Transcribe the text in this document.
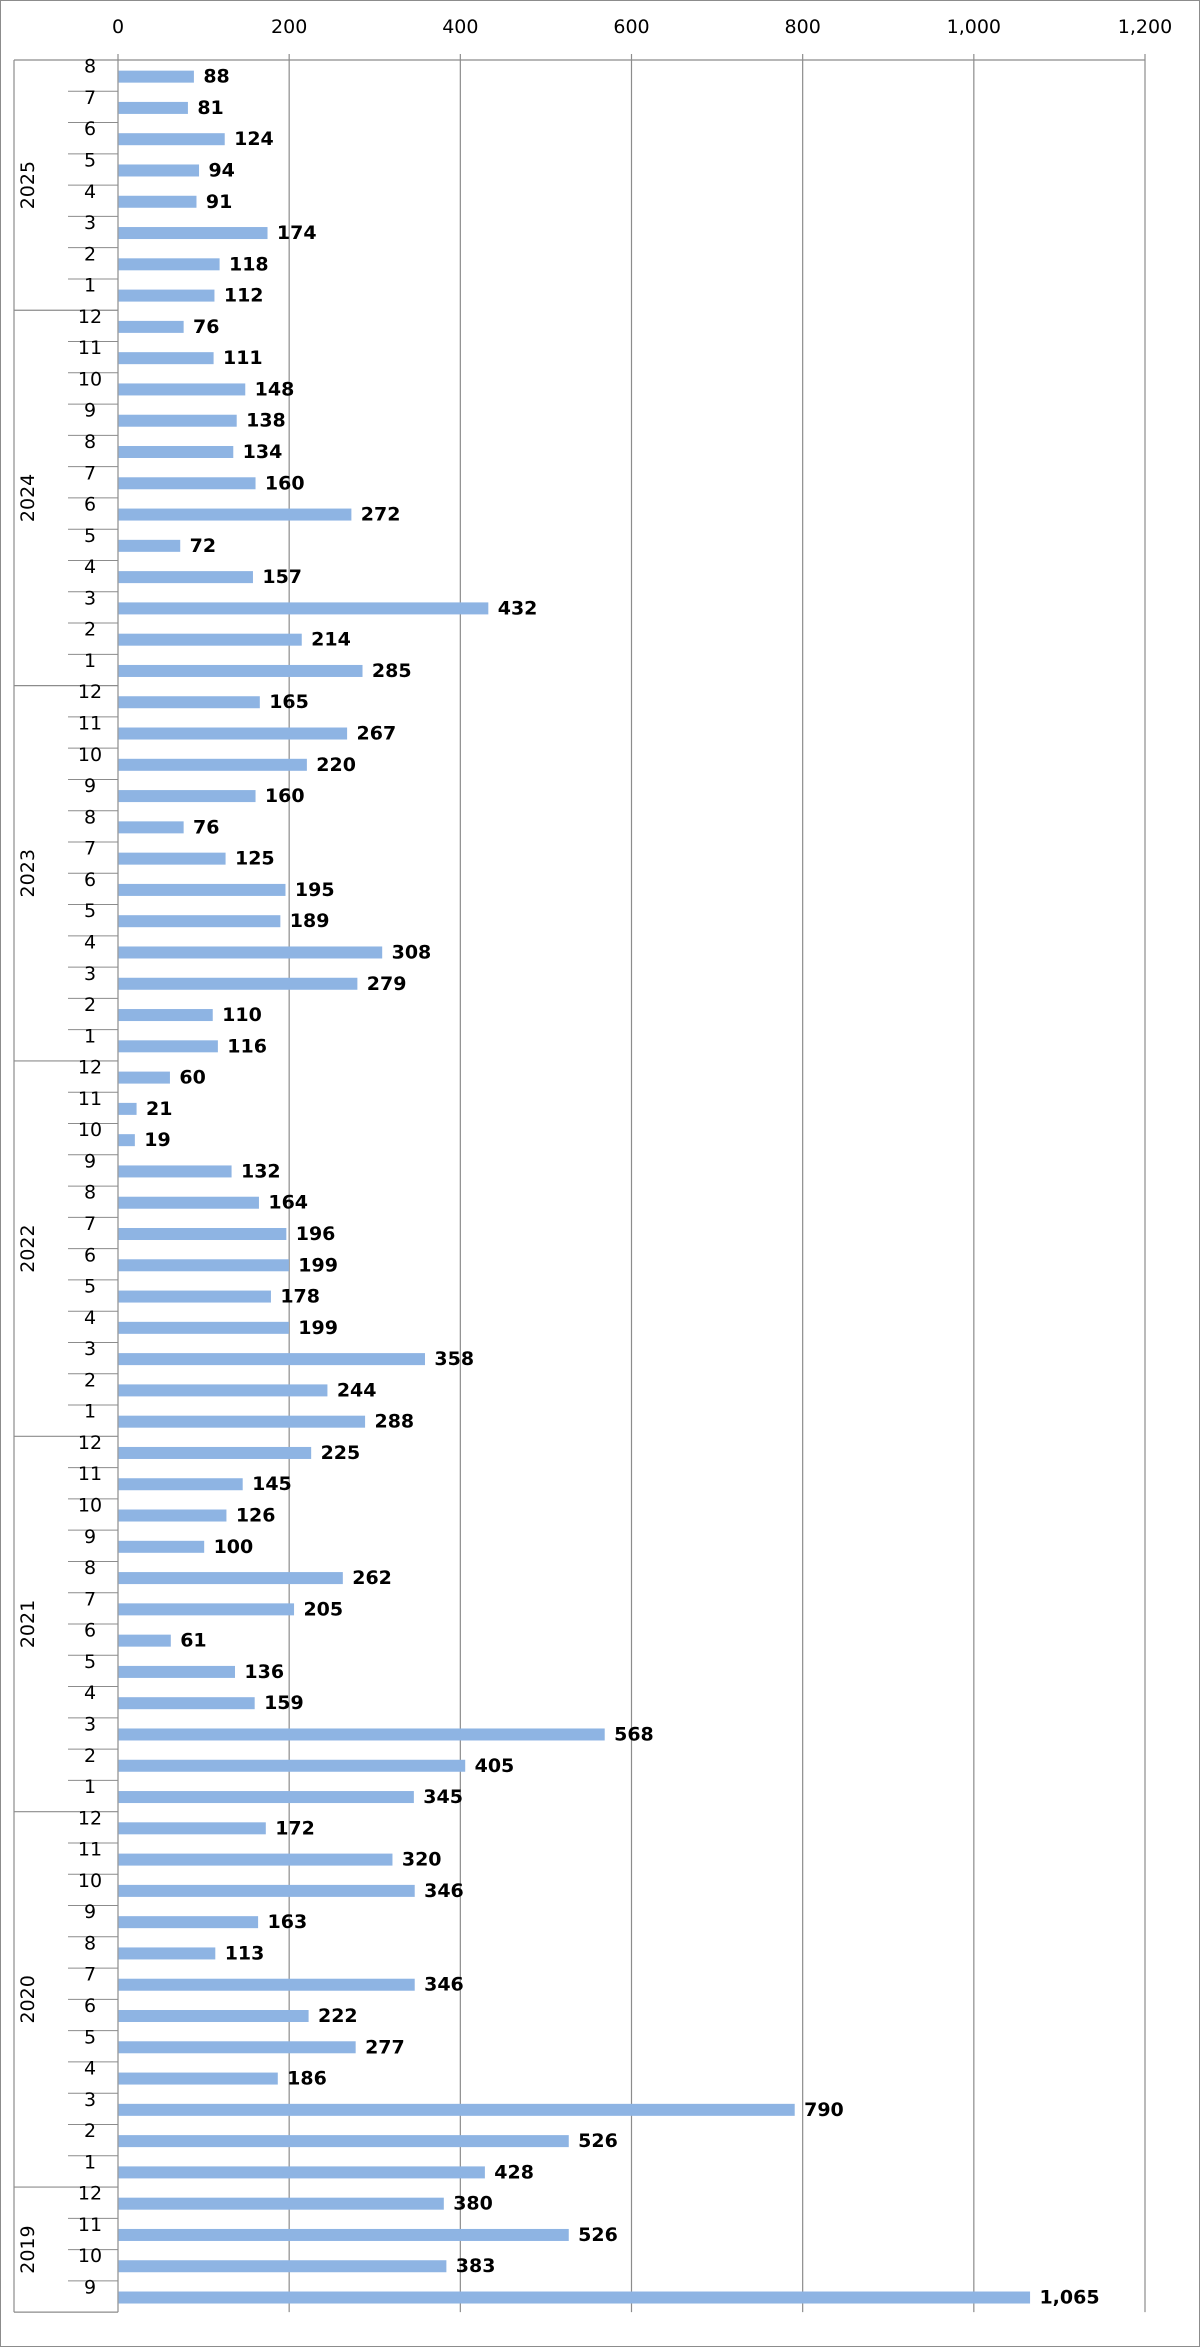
0	200	400	600	800	1,000	1,200
8	88
7	81
6	124
5	94
4	91
3	174
2	118
1	112
2025
12	76
11	111
10	148
9	138
8	134
7	160
6	272
5	72
4	157
3	432
2	214
1	285
2024
12	165
11	267
10	220
9	160
8	76
7	125
6	195
5	189
4	308
3	279
2	110
1	116
2023
12	60
11 21
10 19
9	132
8	164
7	196
6	199
5	178
4	199
3	358
2	244
1	288
2022
12	225
11	145
10	126
9	100
8	262
7	205
6	61
5	136
4	159
3	568
2	405
1	345
2021
12	172
11	320
10	346
9	163
8	113
7	346
6	222
5	277
4	186
3	790
2	526
1	428
2020
12	380
11	526
10	383
9	1,065
2019
